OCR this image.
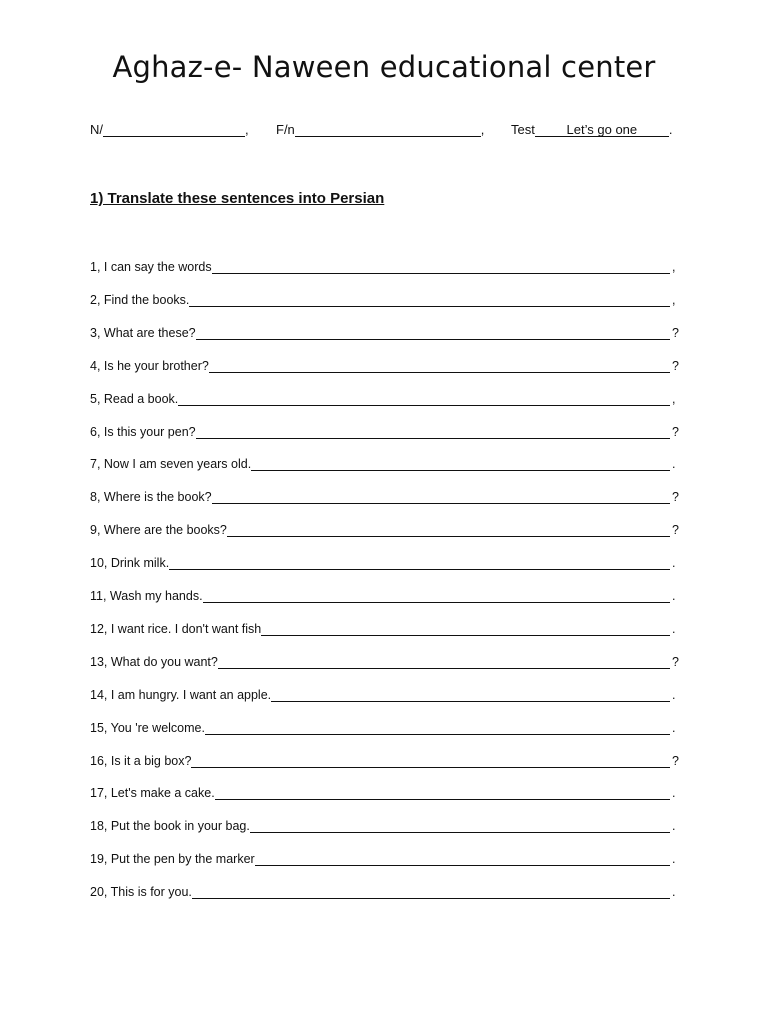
Aghaz-e- Naween educational center
N/	, F/n	, Test Let’s go one .
1) Translate these sentences into Persian
1, I can say the words	,
2, Find the books.	,
3, What are these?	?
4, Is he your brother?	?
5, Read a book.	,
6, Is this your pen?	?
7, Now I am seven years old.	.
8, Where is the book?	?
9, Where are the books?	?
10, Drink milk.	.
11, Wash my hands.	.
12, I want rice. I don't want fish	.
13, What do you want?	?
14, I am hungry. I want an apple.	.
15, You 're welcome.	.
16, Is it a big box?	?
17, Let's make a cake.	.
18, Put the book in your bag.	.
19, Put the pen by the marker	.
20, This is for you.	.
